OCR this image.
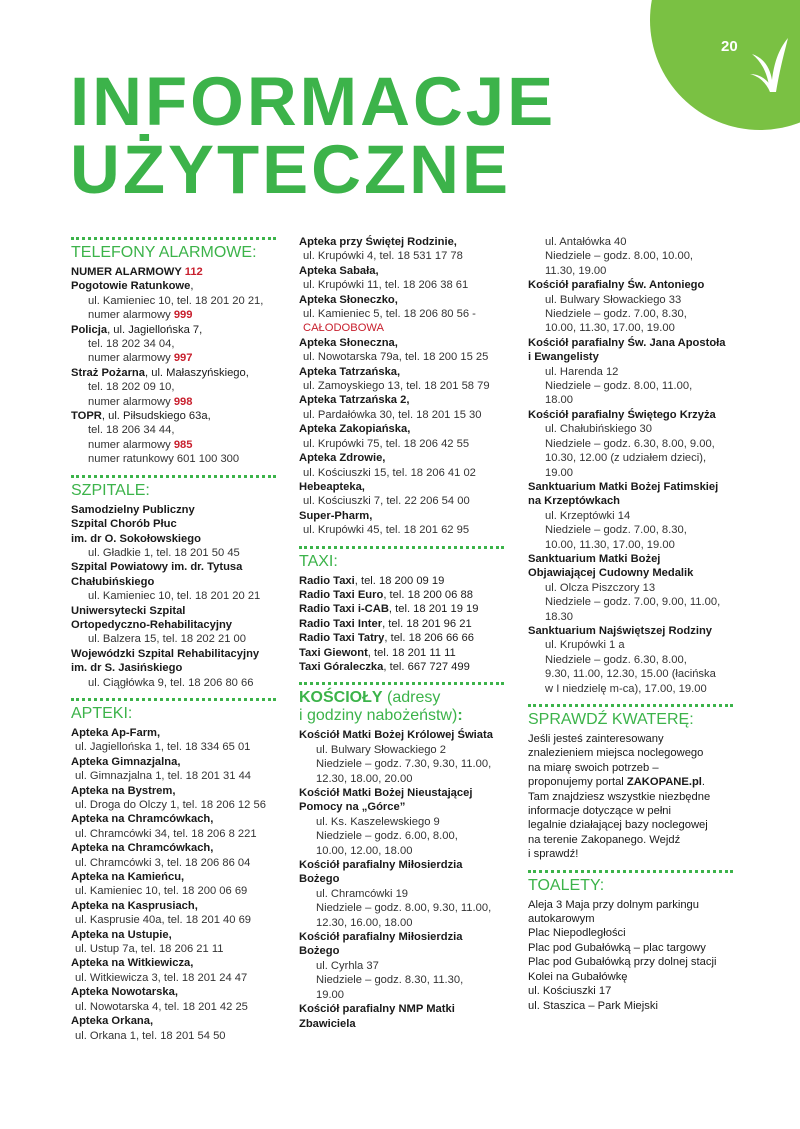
20
INFORMACJE
UŻYTECZNE
TELEFONY ALARMOWE:
NUMER ALARMOWY 112
Pogotowie Ratunkowe,
ul. Kamieniec 10, tel. 18 201 20 21,
numer alarmowy 999
Policja, ul. Jagiellońska 7,
tel. 18 202 34 04,
numer alarmowy 997
Straż Pożarna, ul. Małaszyńskiego,
tel. 18 202 09 10,
numer alarmowy 998
TOPR, ul. Piłsudskiego 63a,
tel. 18 206 34 44,
numer alarmowy 985
numer ratunkowy 601 100 300
SZPITALE:
Samodzielny Publiczny
Szpital Chorób Płuc
im. dr O. Sokołowskiego
ul. Gładkie 1, tel. 18 201 50 45
Szpital Powiatowy im. dr. Tytusa
Chałubińskiego
ul. Kamieniec 10, tel. 18 201 20 21
Uniwersytecki Szpital
Ortopedyczno-Rehabilitacyjny
ul. Balzera 15, tel. 18 202 21 00
Wojewódzki Szpital Rehabilitacyjny
im. dr S. Jasińskiego
ul. Ciągłówka 9, tel. 18 206 80 66
APTEKI:
Apteka Ap-Farm,
ul. Jagiellońska 1, tel. 18 334 65 01
Apteka Gimnazjalna,
ul. Gimnazjalna 1, tel. 18 201 31 44
Apteka na Bystrem,
ul. Droga do Olczy 1, tel. 18 206 12 56
Apteka na Chramcówkach,
ul. Chramcówki 34, tel. 18 206 8 221
Apteka na Chramcówkach,
ul. Chramcówki 3, tel. 18 206 86 04
Apteka na Kamieńcu,
ul. Kamieniec 10, tel. 18 200 06 69
Apteka na Kasprusiach,
ul. Kasprusie 40a, tel. 18 201 40 69
Apteka na Ustupie,
ul. Ustup 7a, tel. 18 206 21 11
Apteka na Witkiewicza,
ul. Witkiewicza 3, tel. 18 201 24 47
Apteka Nowotarska,
ul. Nowotarska 4, tel. 18 201 42 25
Apteka Orkana,
ul. Orkana 1, tel. 18 201 54 50
Apteka przy Świętej Rodzinie,
ul. Krupówki 4, tel. 18 531 17 78
Apteka Sabała,
ul. Krupówki 11, tel. 18 206 38 61
Apteka Słoneczko,
ul. Kamieniec 5, tel. 18 206 80 56 -
CAŁODOBOWA
Apteka Słoneczna,
ul. Nowotarska 79a, tel. 18 200 15 25
Apteka Tatrzańska,
ul. Zamoyskiego 13, tel. 18 201 58 79
Apteka Tatrzańska 2,
ul. Pardałówka 30, tel. 18 201 15 30
Apteka Zakopiańska,
ul. Krupówki 75, tel. 18 206 42 55
Apteka Zdrowie,
ul. Kościuszki 15, tel. 18 206 41 02
Hebeapteka,
ul. Kościuszki 7, tel. 22 206 54 00
Super-Pharm,
ul. Krupówki 45, tel. 18 201 62 95
TAXI:
Radio Taxi, tel. 18 200 09 19
Radio Taxi Euro, tel. 18 200 06 88
Radio Taxi i-CAB, tel. 18 201 19 19
Radio Taxi Inter, tel. 18 201 96 21
Radio Taxi Tatry, tel. 18 206 66 66
Taxi Giewont, tel. 18 201 11 11
Taxi Góraleczka, tel. 667 727 499
KOŚCIOŁY (adresy
i godziny nabożeństw):
Kościół Matki Bożej Królowej Świata
ul. Bulwary Słowackiego 2
Niedziele – godz. 7.30, 9.30, 11.00,
12.30, 18.00, 20.00
Kościół Matki Bożej Nieustającej
Pomocy na „Górce”
ul. Ks. Kaszelewskiego 9
Niedziele – godz. 6.00, 8.00,
10.00, 12.00, 18.00
Kościół parafialny Miłosierdzia
Bożego
ul. Chramcówki 19
Niedziele – godz. 8.00, 9.30, 11.00,
12.30, 16.00, 18.00
Kościół parafialny Miłosierdzia
Bożego
ul. Cyrhla 37
Niedziele – godz. 8.30, 11.30,
19.00
Kościół parafialny NMP Matki
Zbawiciela
ul. Antałówka 40
Niedziele – godz. 8.00, 10.00,
11.30, 19.00
Kościół parafialny Św. Antoniego
ul. Bulwary Słowackiego 33
Niedziele – godz. 7.00, 8.30,
10.00, 11.30, 17.00, 19.00
Kościół parafialny Św. Jana Apostoła
i Ewangelisty
ul. Harenda 12
Niedziele – godz. 8.00, 11.00,
18.00
Kościół parafialny Świętego Krzyża
ul. Chałubińskiego 30
Niedziele – godz. 6.30, 8.00, 9.00,
10.30, 12.00 (z udziałem dzieci),
19.00
Sanktuarium Matki Bożej Fatimskiej
na Krzeptówkach
ul. Krzeptówki 14
Niedziele – godz. 7.00, 8.30,
10.00, 11.30, 17.00, 19.00
Sanktuarium Matki Bożej
Objawiającej Cudowny Medalik
ul. Olcza Piszczory 13
Niedziele – godz. 7.00, 9.00, 11.00,
18.30
Sanktuarium Najświętszej Rodziny
ul. Krupówki 1 a
Niedziele – godz. 6.30, 8.00,
9.30, 11.00, 12.30, 15.00 (łacińska
w I niedzielę m-ca), 17.00, 19.00
SPRAWDŹ KWATERĘ:
Jeśli jesteś zainteresowany
znalezieniem miejsca noclegowego
na miarę swoich potrzeb –
proponujemy portal ZAKOPANE.pl.
Tam znajdziesz wszystkie niezbędne
informacje dotyczące w pełni
legalnie działającej bazy noclegowej
na terenie Zakopanego. Wejdź
i sprawdź!
TOALETY:
Aleja 3 Maja przy dolnym parkingu
autokarowym
Plac Niepodległości
Plac pod Gubałówką – plac targowy
Plac pod Gubałówką przy dolnej stacji
Kolei na Gubałówkę
ul. Kościuszki 17
ul. Staszica – Park Miejski
